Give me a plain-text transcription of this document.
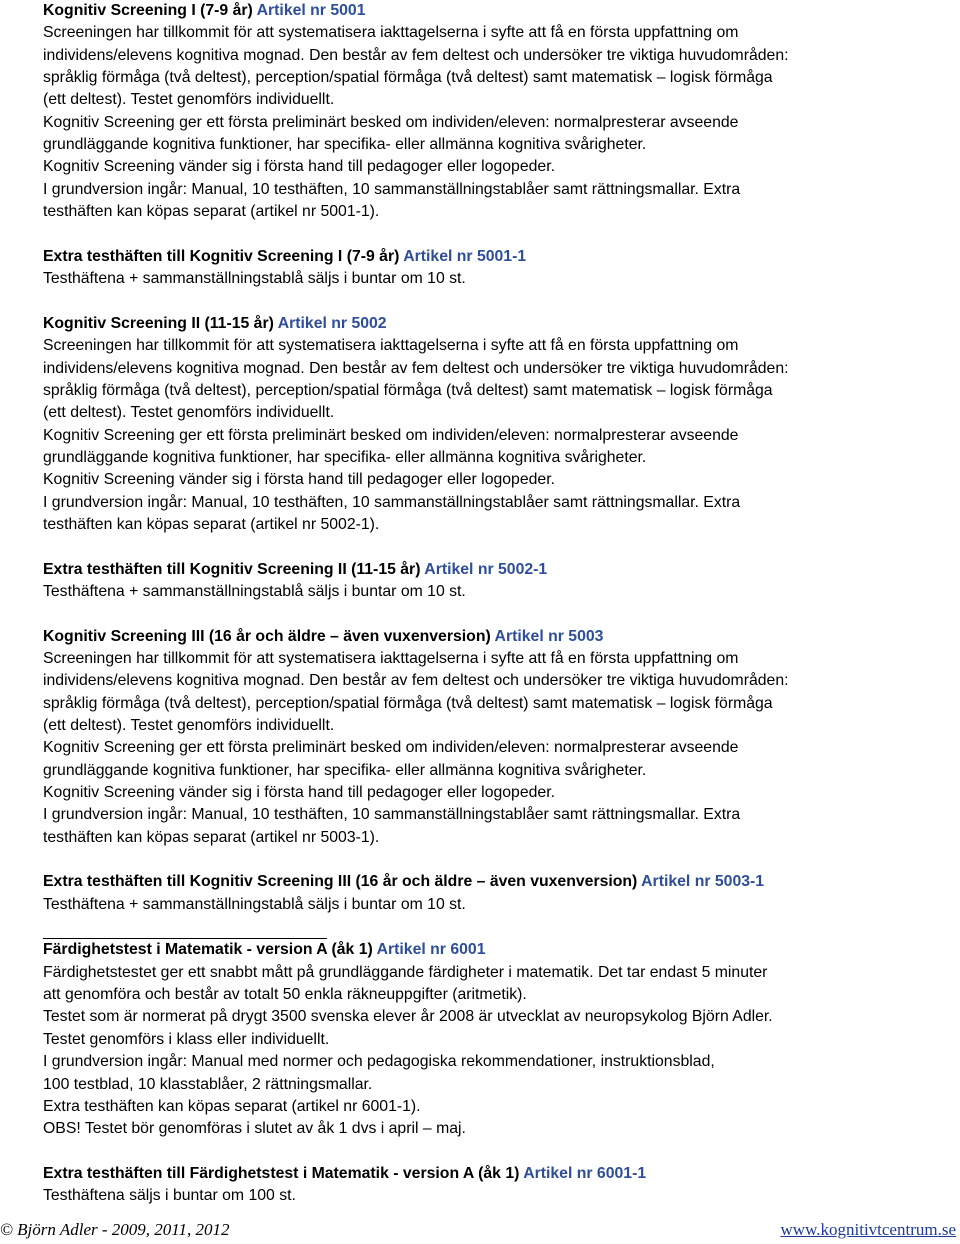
Kognitiv Screening I (7-9 år) Artikel nr 5001
Screeningen har tillkommit för att systematisera iakttagelserna i syfte att få en första uppfattning om
individens/elevens kognitiva mognad. Den består av fem deltest och undersöker tre viktiga huvudområden:
språklig förmåga (två deltest), perception/spatial förmåga (två deltest) samt matematisk – logisk förmåga
(ett deltest). Testet genomförs individuellt.
Kognitiv Screening ger ett första preliminärt besked om individen/eleven: normalpresterar avseende
grundläggande kognitiva funktioner, har specifika- eller allmänna kognitiva svårigheter.
Kognitiv Screening vänder sig i första hand till pedagoger eller logopeder.
I grundversion ingår: Manual, 10 testhäften, 10 sammanställningstablåer samt rättningsmallar. Extra
testhäften kan köpas separat (artikel nr 5001-1).
Extra testhäften till Kognitiv Screening I (7-9 år) Artikel nr 5001-1
Testhäftena + sammanställningstablå säljs i buntar om 10 st.
Kognitiv Screening II (11-15 år) Artikel nr 5002
Screeningen har tillkommit för att systematisera iakttagelserna i syfte att få en första uppfattning om
individens/elevens kognitiva mognad. Den består av fem deltest och undersöker tre viktiga huvudområden:
språklig förmåga (två deltest), perception/spatial förmåga (två deltest) samt matematisk – logisk förmåga
(ett deltest). Testet genomförs individuellt.
Kognitiv Screening ger ett första preliminärt besked om individen/eleven: normalpresterar avseende
grundläggande kognitiva funktioner, har specifika- eller allmänna kognitiva svårigheter.
Kognitiv Screening vänder sig i första hand till pedagoger eller logopeder.
I grundversion ingår: Manual, 10 testhäften, 10 sammanställningstablåer samt rättningsmallar. Extra
testhäften kan köpas separat (artikel nr 5002-1).
Extra testhäften till Kognitiv Screening II (11-15 år) Artikel nr 5002-1
Testhäftena + sammanställningstablå säljs i buntar om 10 st.
Kognitiv Screening III (16 år och äldre – även vuxenversion) Artikel nr 5003
Screeningen har tillkommit för att systematisera iakttagelserna i syfte att få en första uppfattning om
individens/elevens kognitiva mognad. Den består av fem deltest och undersöker tre viktiga huvudområden:
språklig förmåga (två deltest), perception/spatial förmåga (två deltest) samt matematisk – logisk förmåga
(ett deltest). Testet genomförs individuellt.
Kognitiv Screening ger ett första preliminärt besked om individen/eleven: normalpresterar avseende
grundläggande kognitiva funktioner, har specifika- eller allmänna kognitiva svårigheter.
Kognitiv Screening vänder sig i första hand till pedagoger eller logopeder.
I grundversion ingår: Manual, 10 testhäften, 10 sammanställningstablåer samt rättningsmallar. Extra
testhäften kan köpas separat (artikel nr 5003-1).
Extra testhäften till Kognitiv Screening III (16 år och äldre – även vuxenversion) Artikel nr 5003-1
Testhäftena + sammanställningstablå säljs i buntar om 10 st.
Färdighetstest i Matematik - version A (åk 1) Artikel nr 6001
Färdighetstestet ger ett snabbt mått på grundläggande färdigheter i matematik. Det tar endast 5 minuter
att genomföra och består av totalt 50 enkla räkneuppgifter (aritmetik).
Testet som är normerat på drygt 3500 svenska elever år 2008 är utvecklat av neuropsykolog Björn Adler.
Testet genomförs i klass eller individuellt.
I grundversion ingår: Manual med normer och pedagogiska rekommendationer, instruktionsblad,
100 testblad, 10 klasstablåer, 2 rättningsmallar.
Extra testhäften kan köpas separat (artikel nr 6001-1).
OBS! Testet bör genomföras i slutet av åk 1 dvs i april – maj.
Extra testhäften till Färdighetstest i Matematik - version A (åk 1) Artikel nr 6001-1
Testhäftena säljs i buntar om 100 st.
© Björn Adler - 2009, 2011, 2012	www.kognitivtcentrum.se
